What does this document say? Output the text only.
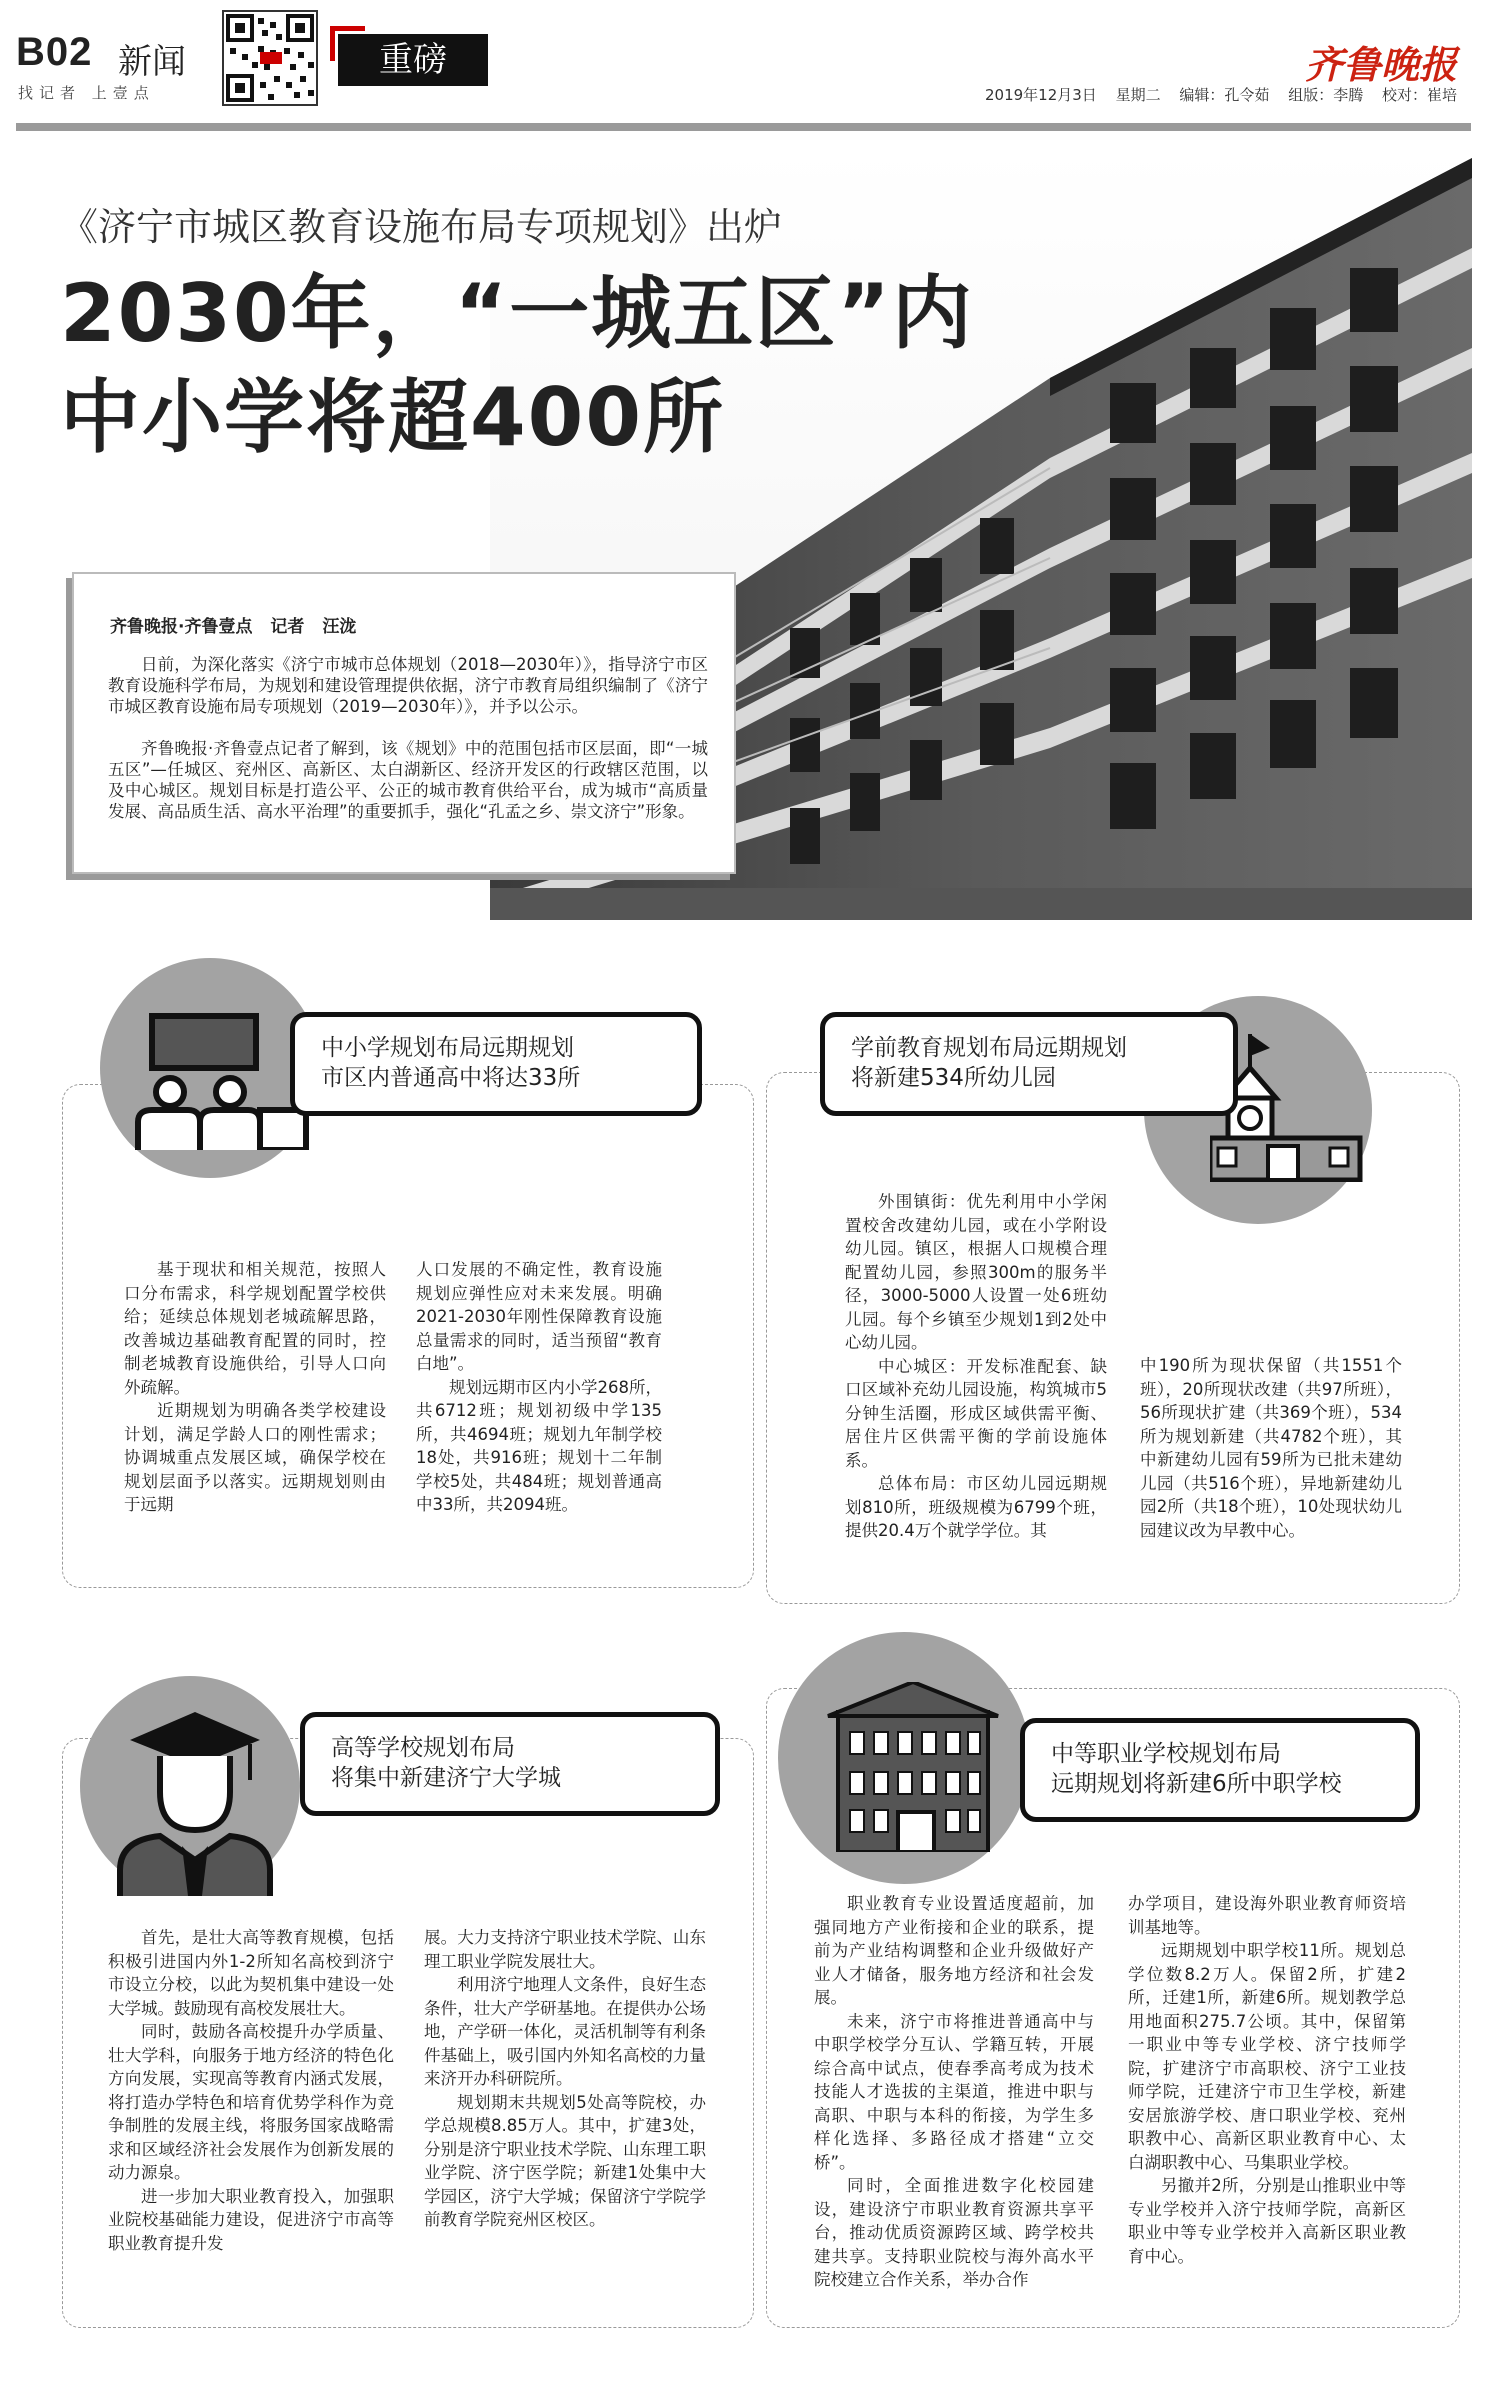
B02 新闻
找记者 上壹点
重磅	齐鲁晚报
2019年12月3日 星期二 编辑：孔令茹 组版：李腾 校对：崔培
《济宁市城区教育设施布局专项规划》出炉
2030年，“一城五区”内
中小学将超400所
齐鲁晚报·齐鲁壹点 记者 汪泷
日前，为深化落实《济宁市城市总体规划（2018—2030年）》，指导济宁市区教育设施科学布局，为规划和建设管理提供依据，济宁市教育局组织编制了《济宁市城区教育设施布局专项规划（2019—2030年）》，并予以公示。
齐鲁晚报·齐鲁壹点记者了解到，该《规划》中的范围包括市区层面，即“一城五区”—任城区、兖州区、高新区、太白湖新区、经济开发区的行政辖区范围，以及中心城区。规划目标是打造公平、公正的城市教育供给平台，成为城市“高质量发展、高品质生活、高水平治理”的重要抓手，强化“孔孟之乡、崇文济宁”形象。
中小学规划布局远期规划
市区内普通高中将达33所

基于现状和相关规范，按照人口分布需求，科学规划配置学校供给；延续总体规划老城疏解思路，改善城边基础教育配置的同时，控制老城教育设施供给，引导人口向外疏解。

近期规划为明确各类学校建设计划，满足学龄人口的刚性需求；协调城重点发展区域，确保学校在规划层面予以落实。远期规划则由于远期

人口发展的不确定性，教育设施规划应弹性应对未来发展。明确2021-2030年刚性保障教育设施总量需求的同时，适当预留“教育白地”。

规划远期市区内小学268所，共6712班；规划初级中学135所，共4694班；规划九年制学校18处，共916班；规划十二年制学校5处，共484班；规划普通高中33所，共2094班。

学前教育规划布局远期规划
将新建534所幼儿园

外围镇街：优先利用中小学闲置校舍改建幼儿园，或在小学附设幼儿园。镇区，根据人口规模合理配置幼儿园，参照300m的服务半径，3000-5000人设置一处6班幼儿园。每个乡镇至少规划1到2处中心幼儿园。

中心城区：开发标准配套、缺口区域补充幼儿园设施，构筑城市5分钟生活圈，形成区域供需平衡、居住片区供需平衡的学前设施体系。

总体布局：市区幼儿园远期规划810所，班级规模为6799个班，提供20.4万个就学学位。其

中190所为现状保留（共1551个班），20所现状改建（共97所班），56所现状扩建（共369个班），534所为规划新建（共4782个班），其中新建幼儿园有59所为已批未建幼儿园（共516个班），异地新建幼儿园2所（共18个班），10处现状幼儿园建议改为早教中心。

高等学校规划布局
将集中新建济宁大学城

首先，是壮大高等教育规模，包括积极引进国内外1-2所知名高校到济宁市设立分校，以此为契机集中建设一处大学城。鼓励现有高校发展壮大。

同时，鼓励各高校提升办学质量、壮大学科，向服务于地方经济的特色化方向发展，实现高等教育内涵式发展，将打造办学特色和培育优势学科作为竞争制胜的发展主线，将服务国家战略需求和区域经济社会发展作为创新发展的动力源泉。

进一步加大职业教育投入，加强职业院校基础能力建设，促进济宁市高等职业教育提升发

展。大力支持济宁职业技术学院、山东理工职业学院发展壮大。

利用济宁地理人文条件，良好生态条件，壮大产学研基地。在提供办公场地，产学研一体化，灵活机制等有利条件基础上，吸引国内外知名高校的力量来济开办科研院所。

规划期末共规划5处高等院校，办学总规模8.85万人。其中，扩建3处，分别是济宁职业技术学院、山东理工职业学院、济宁医学院；新建1处集中大学园区，济宁大学城；保留济宁学院学前教育学院兖州区校区。

中等职业学校规划布局
远期规划将新建6所中职学校

职业教育专业设置适度超前，加强同地方产业衔接和企业的联系，提前为产业结构调整和企业升级做好产业人才储备，服务地方经济和社会发展。

未来，济宁市将推进普通高中与中职学校学分互认、学籍互转，开展综合高中试点，使春季高考成为技术技能人才选拔的主渠道，推进中职与高职、中职与本科的衔接，为学生多样化选择、多路径成才搭建“立交桥”。

同时，全面推进数字化校园建设，建设济宁市职业教育资源共享平台，推动优质资源跨区域、跨学校共建共享。支持职业院校与海外高水平院校建立合作关系，举办合作

办学项目，建设海外职业教育师资培训基地等。

远期规划中职学校11所。规划总学位数8.2万人。保留2所，扩建2所，迁建1所，新建6所。规划教学总用地面积275.7公顷。其中，保留第一职业中等专业学校、济宁技师学院，扩建济宁市高职校、济宁工业技师学院，迁建济宁市卫生学校，新建安居旅游学校、唐口职业学校、兖州职教中心、高新区职业教育中心、太白湖职教中心、马集职业学校。

另撤并2所，分别是山推职业中等专业学校并入济宁技师学院，高新区职业中等专业学校并入高新区职业教育中心。
